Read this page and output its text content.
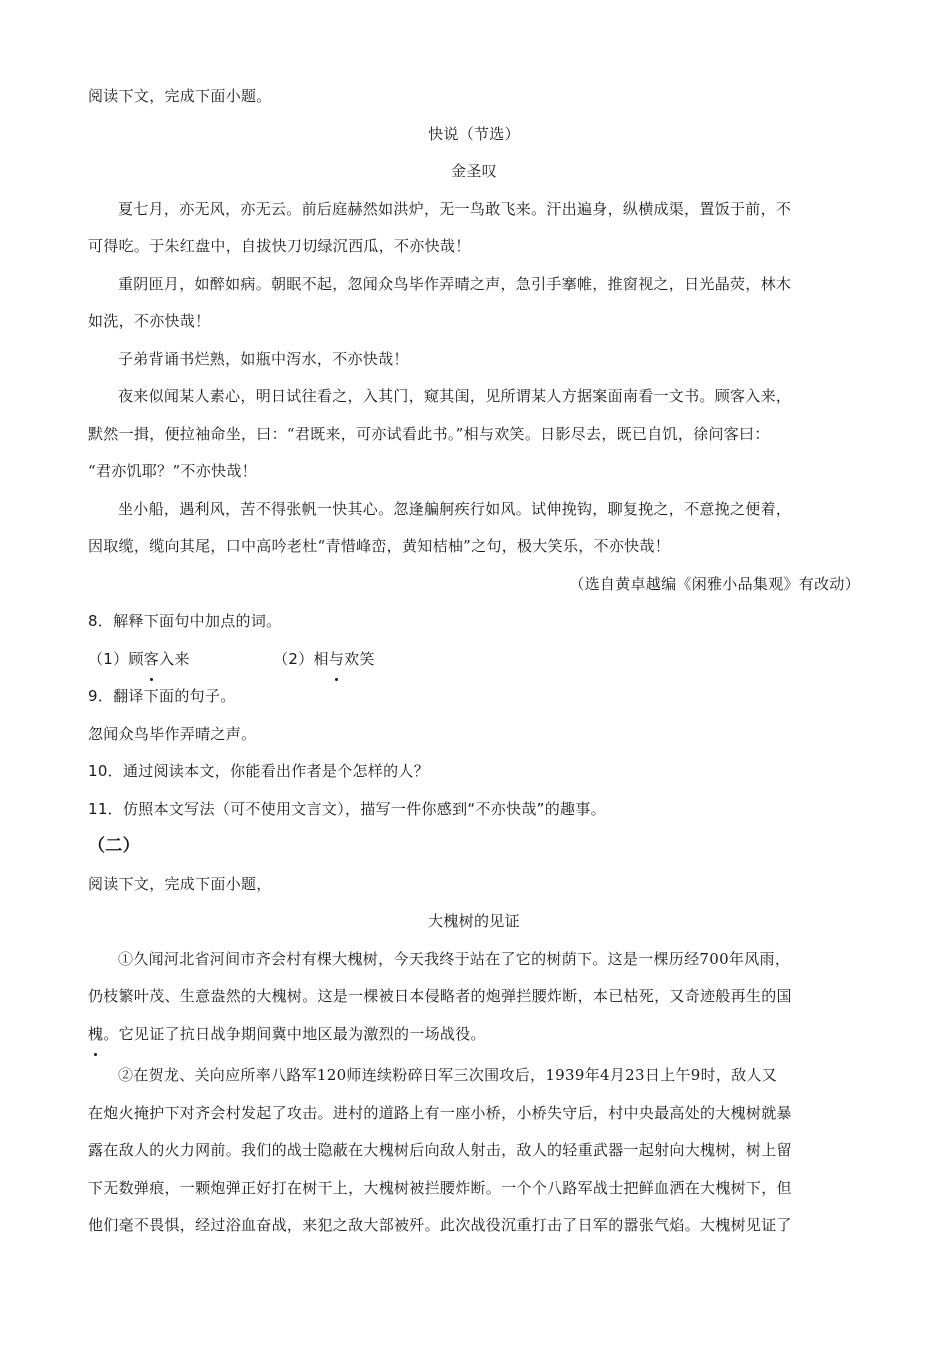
阅读下文，完成下面小题。

快说（节选）

金圣叹

夏七月，亦无风，亦无云。前后庭赫然如洪炉，无一鸟敢飞来。汗出遍身，纵横成渠，置饭于前，不

可得吃。于朱红盘中，自拔快刀切绿沉西瓜，不亦快哉！

重阴匝月，如醉如病。朝眠不起，忽闻众鸟毕作弄晴之声，急引手搴帷，推窗视之，日光晶荧，林木

如洗，不亦快哉！

子弟背诵书烂熟，如瓶中泻水，不亦快哉！

夜来似闻某人素心，明日试往看之，入其门，窥其闺，见所谓某人方据案面南看一文书。顾客入来，

默然一揖，便拉袖命坐，曰：“君既来，可亦试看此书。”相与欢笑。日影尽去，既已自饥，徐问客曰：

“君亦饥耶？”不亦快哉！

坐小船，遇利风，苦不得张帆一快其心。忽逢艑舸疾行如风。试伸挽钩，聊复挽之，不意挽之便着，

因取缆，缆向其尾，口中高吟老杜“青惜峰峦，黄知桔柚”之句，极大笑乐，不亦快哉！

（选自黄卓越编《闲雅小品集观》有改动）

8．解释下面句中加点的词。

（1）顾客入来	（2）相与欢笑

9．翻译下面的句子。

忽闻众鸟毕作弄晴之声。

10．通过阅读本文，你能看出作者是个怎样的人？

11．仿照本文写法（可不使用文言文），描写一件你感到“不亦快哉”的趣事。

（二）

阅读下文，完成下面小题，

大槐树的见证

①久闻河北省河间市齐会村有棵大槐树，今天我终于站在了它的树荫下。这是一棵历经700年风雨，

仍枝繁叶茂、生意盎然的大槐树。这是一棵被日本侵略者的炮弹拦腰炸断，本已枯死，又奇迹般再生的国

槐。它见证了抗日战争期间冀中地区最为激烈的一场战役。

②在贺龙、关向应所率八路军120师连续粉碎日军三次围攻后，1939年4月23日上午9时，敌人又

在炮火掩护下对齐会村发起了攻击。进村的道路上有一座小桥，小桥失守后，村中央最高处的大槐树就暴

露在敌人的火力网前。我们的战士隐蔽在大槐树后向敌人射击，敌人的轻重武器一起射向大槐树，树上留

下无数弹痕，一颗炮弹正好打在树干上，大槐树被拦腰炸断。一个个八路军战士把鲜血洒在大槐树下，但

他们毫不畏惧，经过浴血奋战，来犯之敌大部被歼。此次战役沉重打击了日军的嚣张气焰。大槐树见证了
